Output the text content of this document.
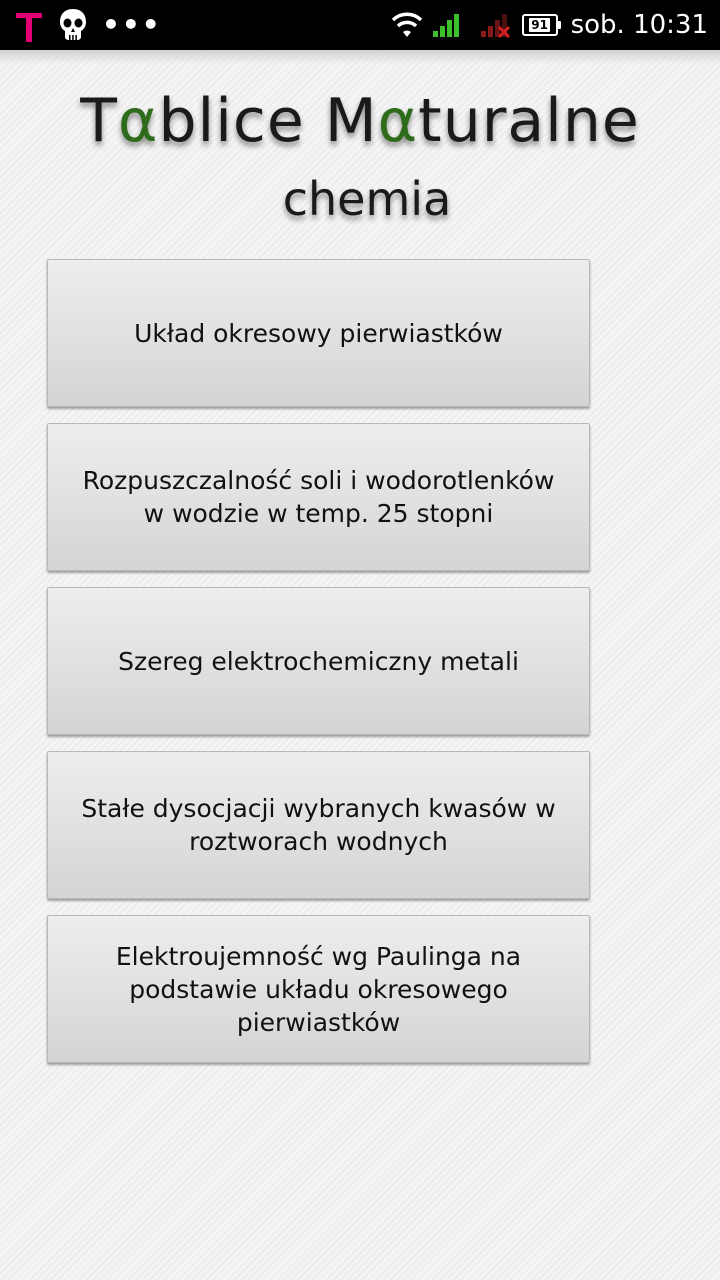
•••	91 sob. 10:31
Tαblice Mαturalne
chemia
Układ okresowy pierwiastków
Rozpuszczalność soli i wodorotlenków w wodzie w temp. 25 stopni
Szereg elektrochemiczny metali
Stałe dysocjacji wybranych kwasów w roztworach wodnych
Elektroujemność wg Paulinga na podstawie układu okresowego pierwiastków
